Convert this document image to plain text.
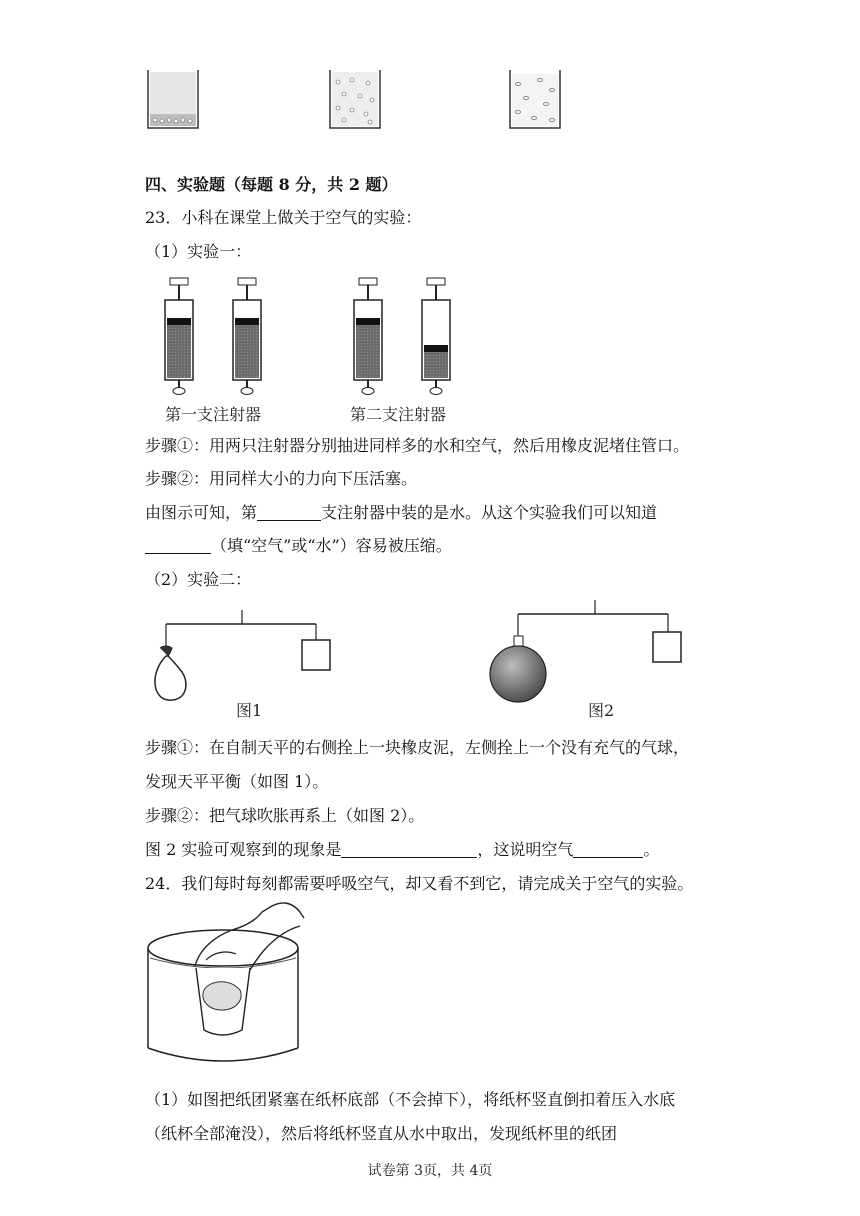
四、实验题（每题 8 分，共 2 题）
23．小科在课堂上做关于空气的实验：
（1）实验一：
第一支注射器	第二支注射器
步骤①：用两只注射器分别抽进同样多的水和空气，然后用橡皮泥堵住管口。
步骤②：用同样大小的力向下压活塞。
由图示可知，第	支注射器中装的是水。从这个实验我们可以知道
（填“空气”或“水”）容易被压缩。
（2）实验二：
图1	图2
步骤①：在自制天平的右侧拴上一块橡皮泥，左侧拴上一个没有充气的气球，
发现天平平衡（如图 1）。
步骤②：把气球吹胀再系上（如图 2）。
图 2 实验可观察到的现象是	，这说明空气	。
24．我们每时每刻都需要呼吸空气，却又看不到它，请完成关于空气的实验。
（1）如图把纸团紧塞在纸杯底部（不会掉下），将纸杯竖直倒扣着压入水底
（纸杯全部淹没），然后将纸杯竖直从水中取出，发现纸杯里的纸团
试卷第 3页，共 4页
